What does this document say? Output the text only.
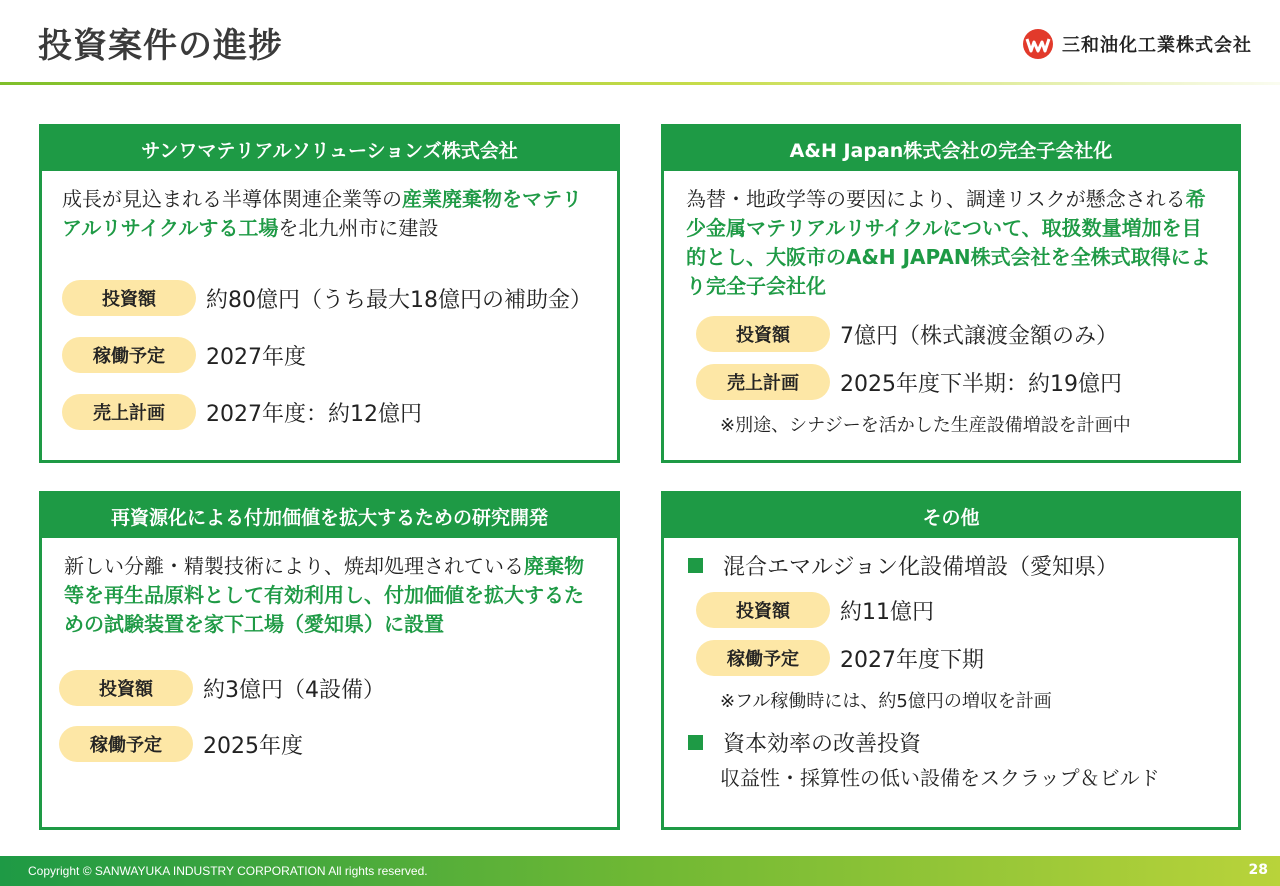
投資案件の進捗	三和油化工業株式会社
サンワマテリアルソリューションズ株式会社
成長が見込まれる半導体関連企業等の産業廃棄物をマテリアルリサイクルする工場を北九州市に建設
投資額	約80億円（うち最大18億円の補助金）
稼働予定	2027年度
売上計画	2027年度：約12億円
A&H Japan株式会社の完全子会社化
為替・地政学等の要因により、調達リスクが懸念される希少金属マテリアルリサイクルについて、取扱数量増加を目的とし、大阪市のA&H JAPAN株式会社を全株式取得により完全子会社化
投資額	7億円（株式譲渡金額のみ）
売上計画	2025年度下半期：約19億円
※別途、シナジーを活かした生産設備増設を計画中
再資源化による付加価値を拡大するための研究開発
新しい分離・精製技術により、焼却処理されている廃棄物等を再生品原料として有効利用し、付加価値を拡大するための試験装置を家下工場（愛知県）に設置
投資額	約3億円（4設備）
稼働予定	2025年度
その他
混合エマルジョン化設備増設（愛知県）
投資額	約11億円
稼働予定	2027年度下期
※フル稼働時には、約5億円の増収を計画
資本効率の改善投資
収益性・採算性の低い設備をスクラップ＆ビルド
Copyright © SANWAYUKA INDUSTRY CORPORATION All rights reserved.	28
